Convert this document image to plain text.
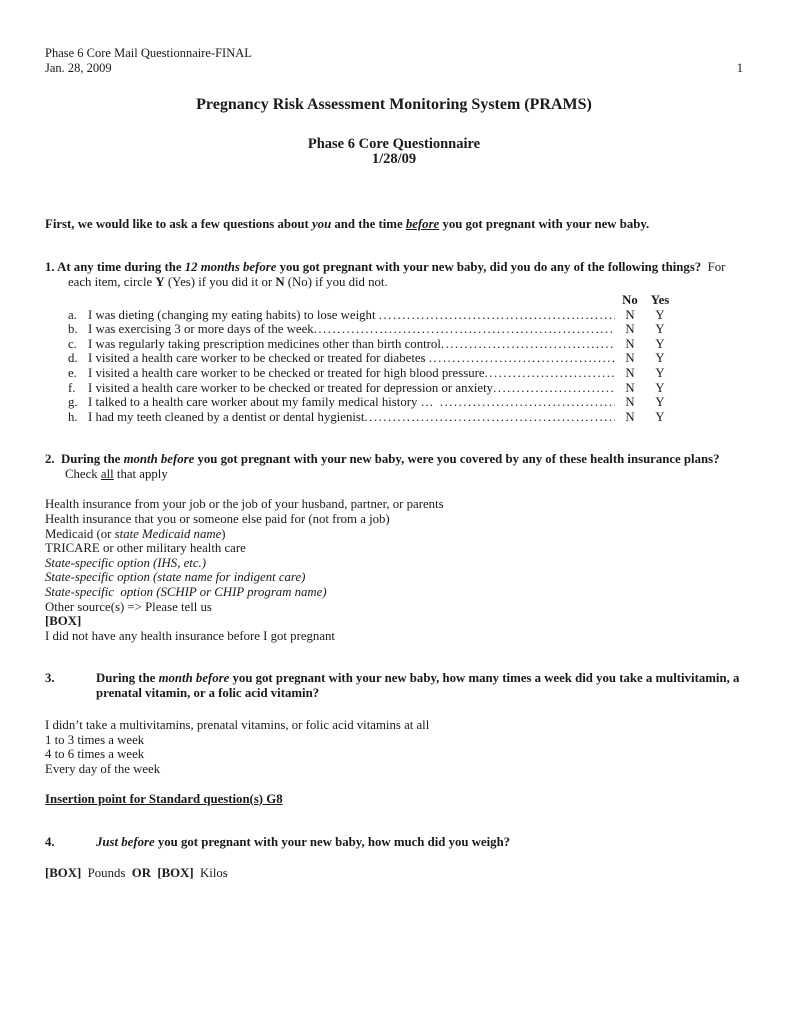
Phase 6 Core Mail Questionnaire-FINAL
Jan. 28, 2009	1
Pregnancy Risk Assessment Monitoring System (PRAMS)
Phase 6 Core Questionnaire
1/28/09
First, we would like to ask a few questions about you and the time before you got pregnant with your new baby.
1. At any time during the 12 months before you got pregnant with your new baby, did you do any of the following things?  For each item, circle Y (Yes) if you did it or N (No) if you did not.
No	Yes
a. I was dieting (changing my eating habits) to lose weight .....	N	Y
b. I was exercising 3 or more days of the week .....	N	Y
c. I was regularly taking prescription medicines other than birth control .....	N	Y
d. I visited a health care worker to be checked or treated for diabetes .....	N	Y
e. I visited a health care worker to be checked or treated for high blood pressure .....	N	Y
f. I visited a health care worker to be checked or treated for depression or anxiety .....	N	Y
g. I talked to a health care worker about my family medical history … .....	N	Y
h. I had my teeth cleaned by a dentist or dental hygienist .....	N	Y
2.  During the month before you got pregnant with your new baby, were you covered by any of these health insurance plans?
Check all that apply
Health insurance from your job or the job of your husband, partner, or parents
Health insurance that you or someone else paid for (not from a job)
Medicaid (or state Medicaid name)
TRICARE or other military health care
State-specific option (IHS, etc.)
State-specific option (state name for indigent care)
State-specific  option (SCHIP or CHIP program name)
Other source(s) => Please tell us
[BOX]
I did not have any health insurance before I got pregnant
3.	During the month before you got pregnant with your new baby, how many times a week did you take a multivitamin, a prenatal vitamin, or a folic acid vitamin?
I didn’t take a multivitamins, prenatal vitamins, or folic acid vitamins at all
1 to 3 times a week
4 to 6 times a week
Every day of the week
Insertion point for Standard question(s) G8
4.	Just before you got pregnant with your new baby, how much did you weigh?
[BOX]  Pounds  OR  [BOX]  Kilos
